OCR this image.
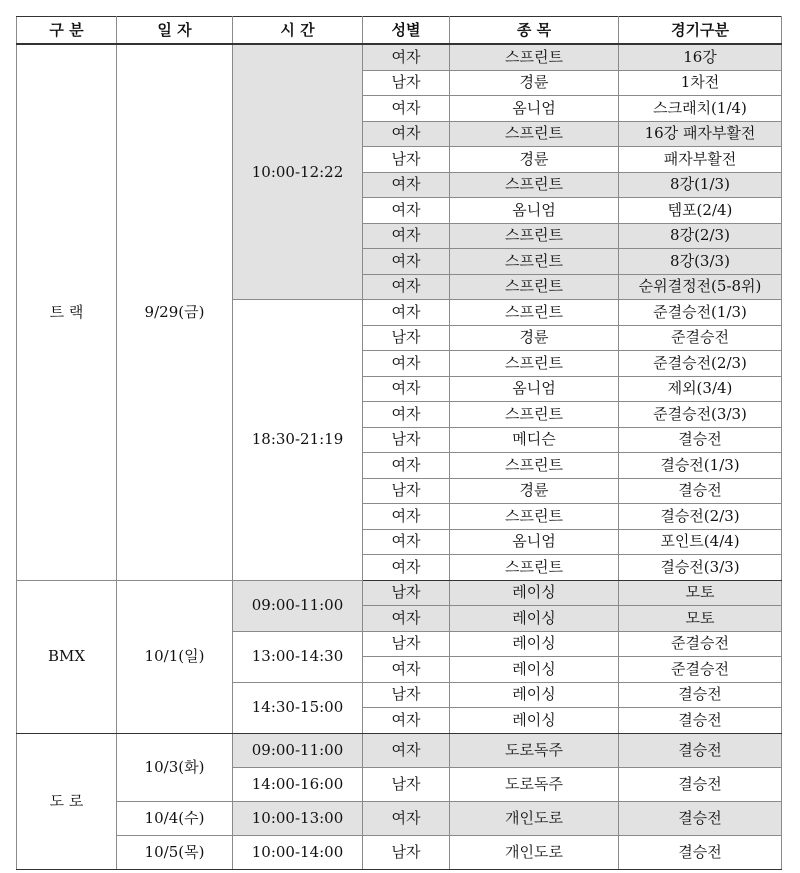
구 분	일 자	시 간	성별	종 목	경기구분
트 랙	9/29(금)	10:00-12:22	여자	스프린트	16강
			남자	경륜	1차전
			여자	옴니엄	스크래치(1/4)
			여자	스프린트	16강 패자부활전
			남자	경륜	패자부활전
			여자	스프린트	8강(1/3)
			여자	옴니엄	템포(2/4)
			여자	스프린트	8강(2/3)
			여자	스프린트	8강(3/3)
			여자	스프린트	순위결정전(5-8위)
		18:30-21:19	여자	스프린트	준결승전(1/3)
			남자	경륜	준결승전
			여자	스프린트	준결승전(2/3)
			여자	옴니엄	제외(3/4)
			여자	스프린트	준결승전(3/3)
			남자	메디슨	결승전
			여자	스프린트	결승전(1/3)
			남자	경륜	결승전
			여자	스프린트	결승전(2/3)
			여자	옴니엄	포인트(4/4)
			여자	스프린트	결승전(3/3)
BMX	10/1(일)	09:00-11:00	남자	레이싱	모토
			여자	레이싱	모토
		13:00-14:30	남자	레이싱	준결승전
			여자	레이싱	준결승전
		14:30-15:00	남자	레이싱	결승전
			여자	레이싱	결승전
도 로	10/3(화)	09:00-11:00	여자	도로독주	결승전
		14:00-16:00	남자	도로독주	결승전
	10/4(수)	10:00-13:00	여자	개인도로	결승전
	10/5(목)	10:00-14:00	남자	개인도로	결승전
